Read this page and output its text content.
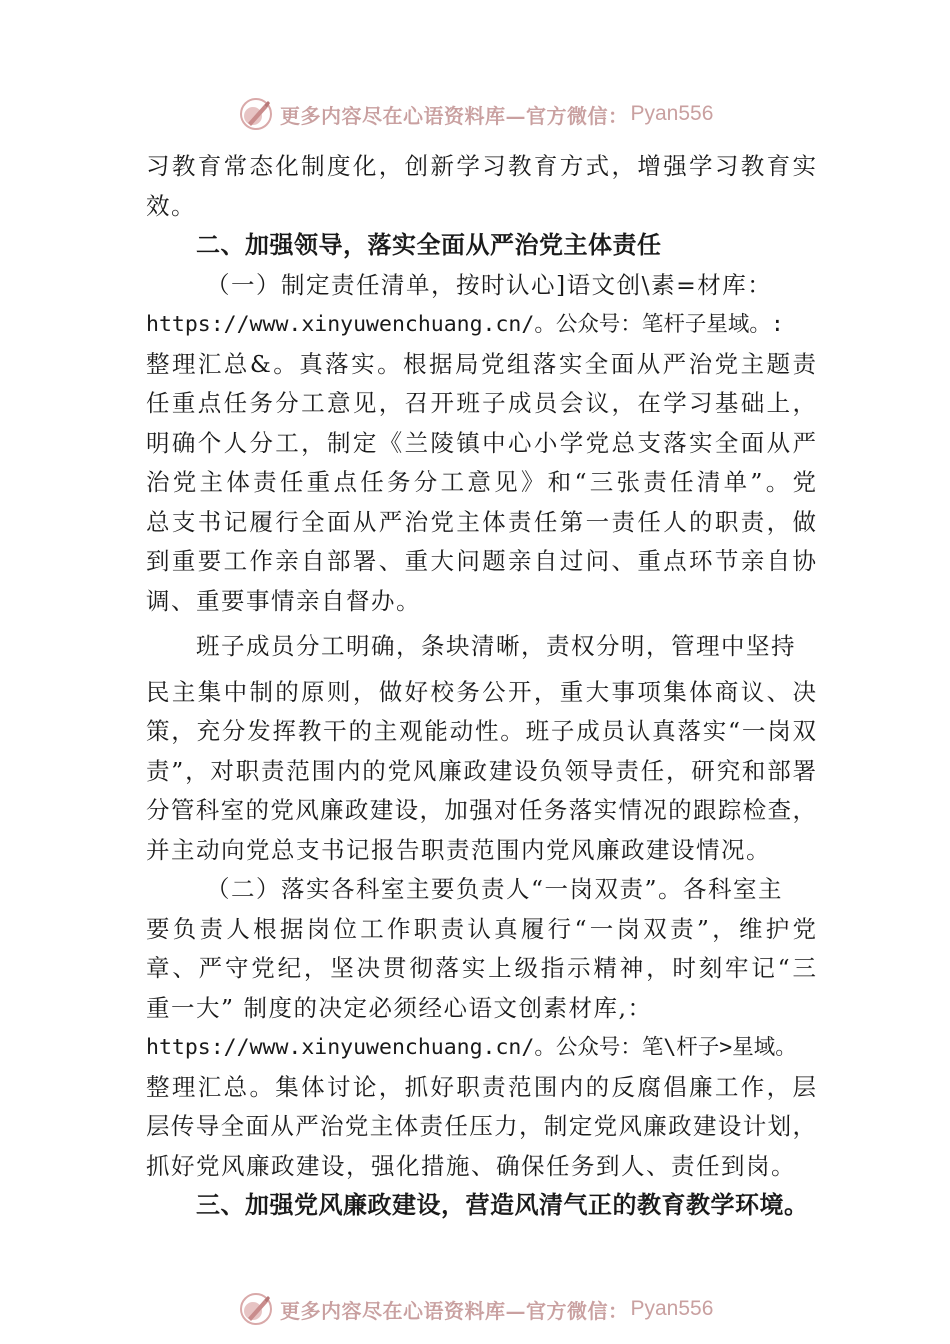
更多内容尽在心语资料库—官方微信： Pyan556
习教育常态化制度化，创新学习教育方式，增强学习教育实
效。
二、加强领导，落实全面从严治党主体责任
（一）制定责任清单，按时认心]语文创\素=材库：
https://www.xinyuwenchuang.cn/。公众号：笔杆子星域。:
整理汇总&。真落实。根据局党组落实全面从严治党主题责
任重点任务分工意见，召开班子成员会议，在学习基础上，
明确个人分工，制定《兰陵镇中心小学党总支落实全面从严
治党主体责任重点任务分工意见》和“三张责任清单”。党
总支书记履行全面从严治党主体责任第一责任人的职责，做
到重要工作亲自部署、重大问题亲自过问、重点环节亲自协
调、重要事情亲自督办。
班子成员分工明确，条块清晰，责权分明，管理中坚持
民主集中制的原则，做好校务公开，重大事项集体商议、决
策，充分发挥教干的主观能动性。班子成员认真落实“一岗双
责”，对职责范围内的党风廉政建设负领导责任，研究和部署
分管科室的党风廉政建设，加强对任务落实情况的跟踪检查，
并主动向党总支书记报告职责范围内党风廉政建设情况。
（二）落实各科室主要负责人“一岗双责”。各科室主
要负责人根据岗位工作职责认真履行“一岗双责”，维护党
章、严守党纪，坚决贯彻落实上级指示精神，时刻牢记“三
重一大” 制度的决定必须经心语文创素材库,：
https://www.xinyuwenchuang.cn/。公众号：笔\杆子>星域。
整理汇总。集体讨论，抓好职责范围内的反腐倡廉工作，层
层传导全面从严治党主体责任压力，制定党风廉政建设计划，
抓好党风廉政建设，强化措施、确保任务到人、责任到岗。
三、加强党风廉政建设，营造风清气正的教育教学环境。
更多内容尽在心语资料库—官方微信： Pyan556
